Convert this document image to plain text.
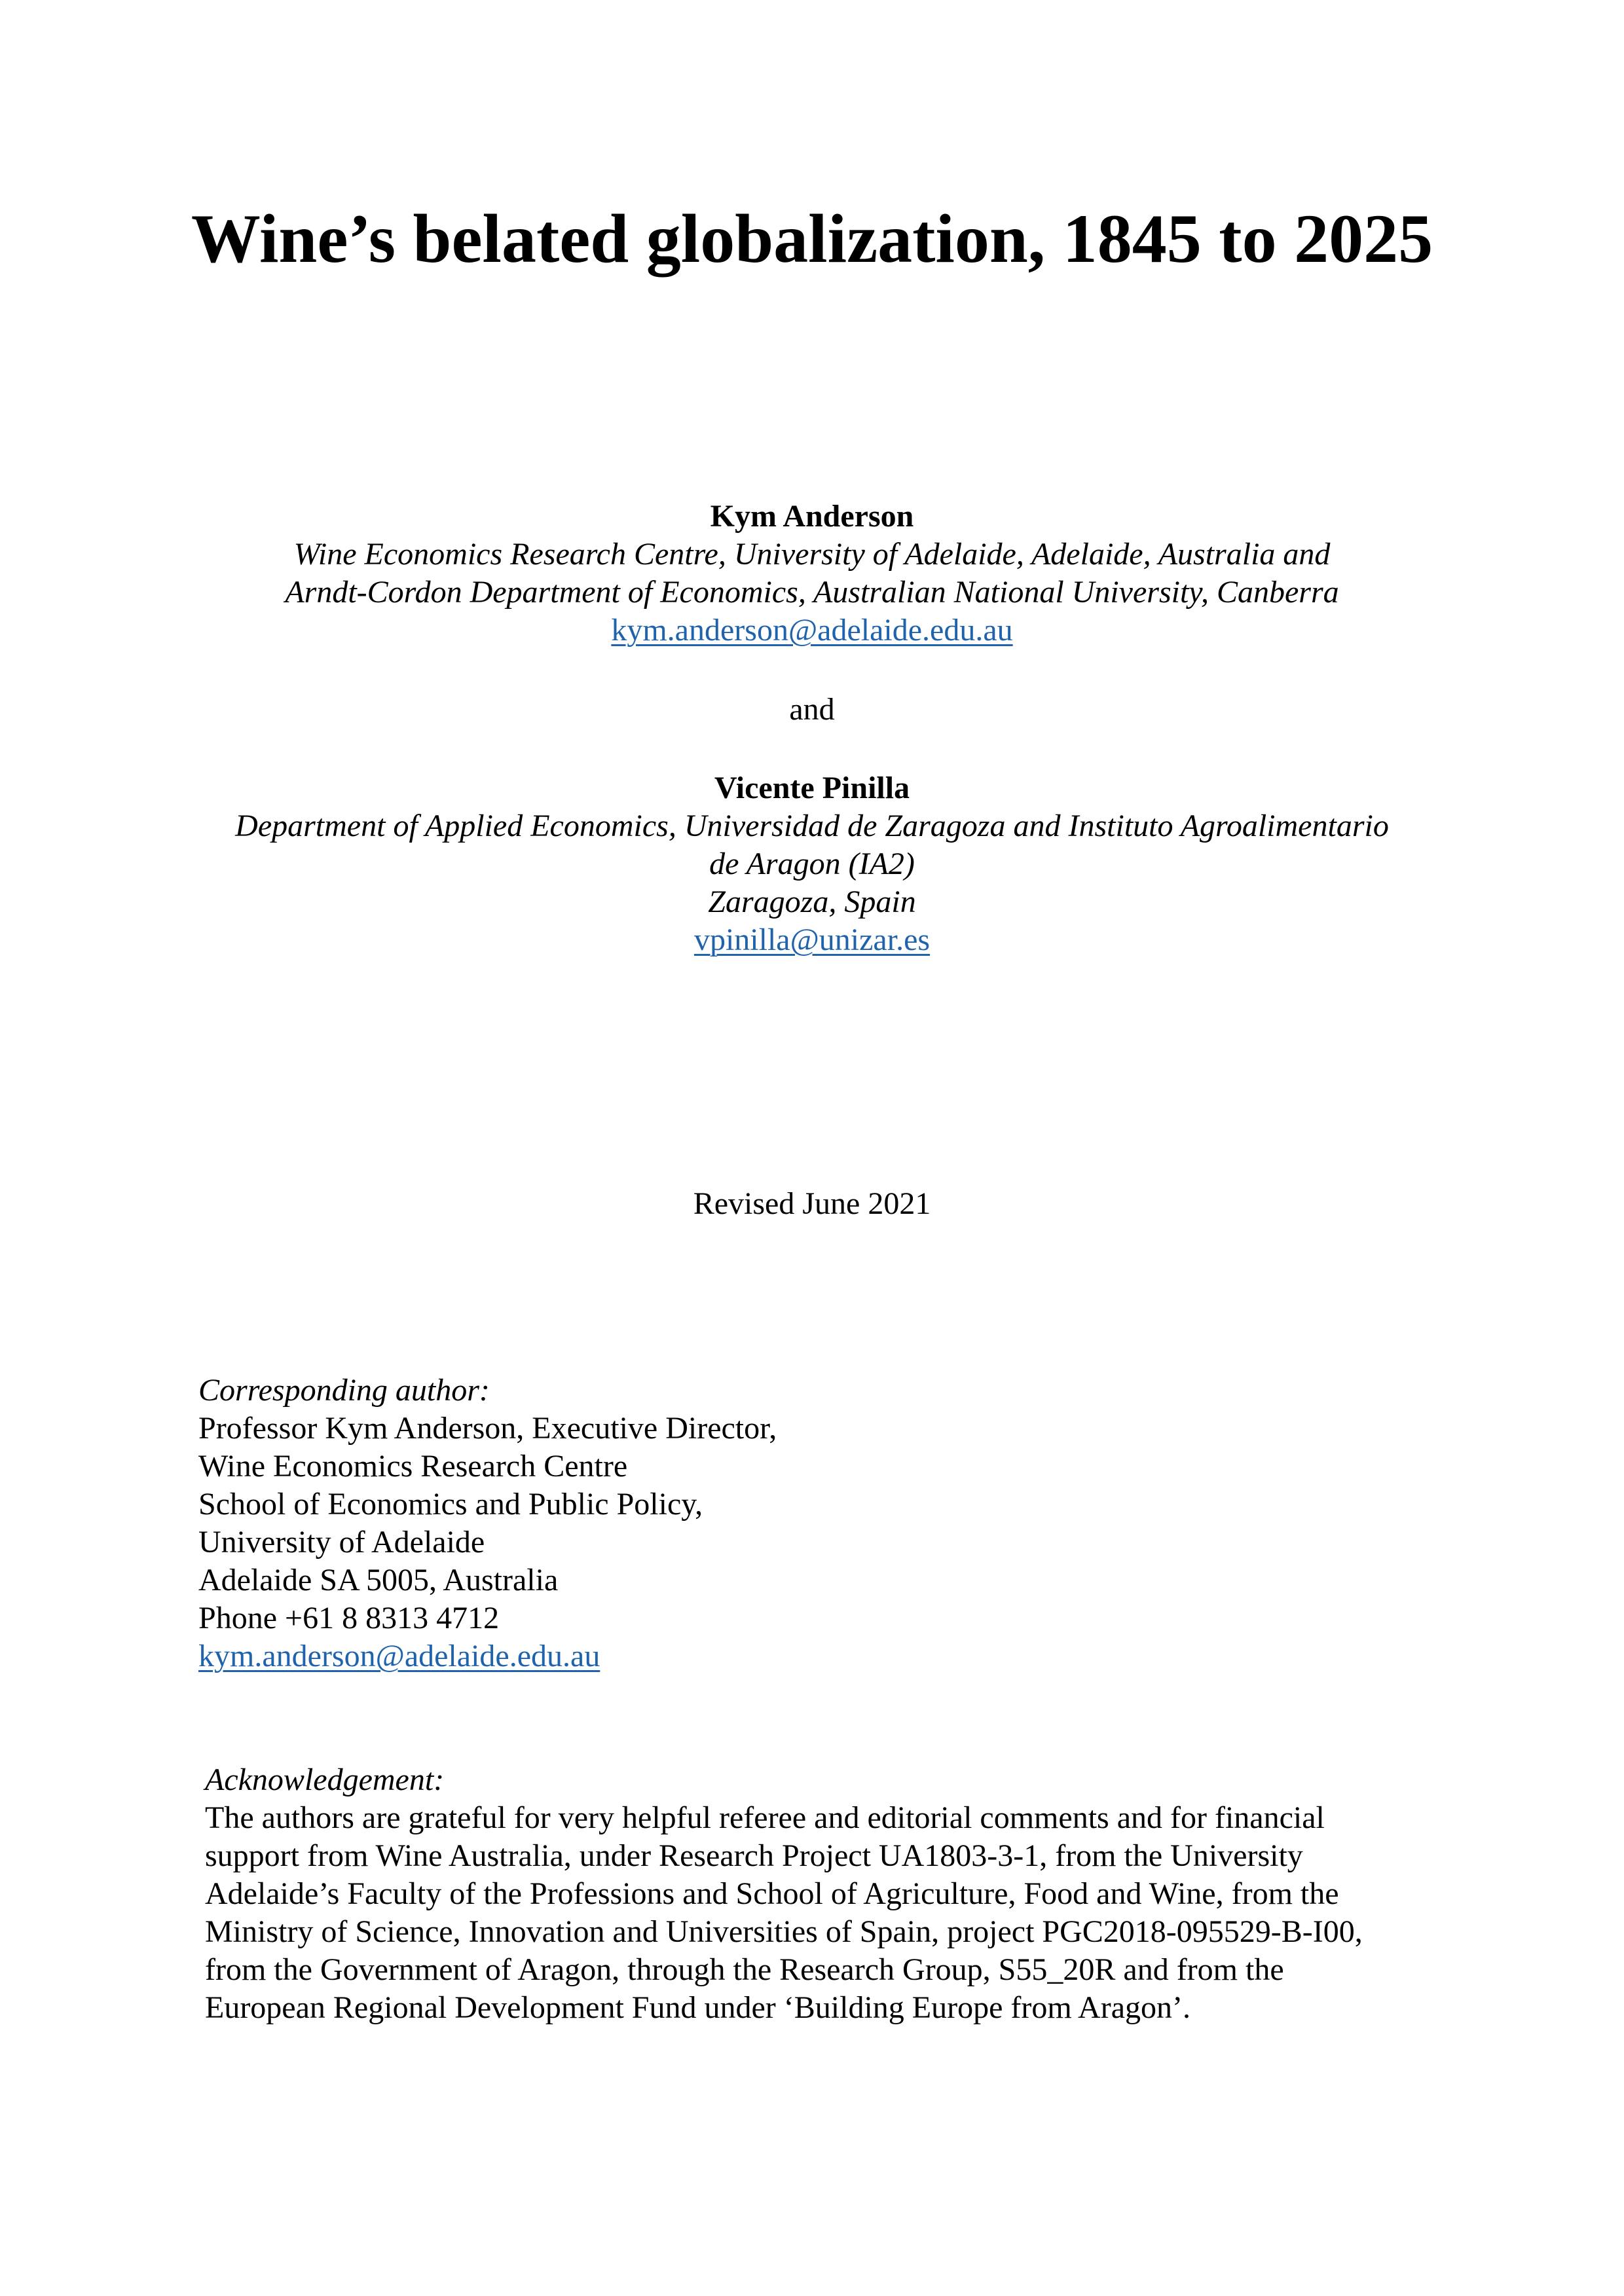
Wine’s belated globalization, 1845 to 2025
Kym Anderson
Wine Economics Research Centre, University of Adelaide, Adelaide, Australia and
Arndt-Cordon Department of Economics, Australian National University, Canberra
kym.anderson@adelaide.edu.au
and
Vicente Pinilla
Department of Applied Economics, Universidad de Zaragoza and Instituto Agroalimentario
de Aragon (IA2)
Zaragoza, Spain
vpinilla@unizar.es
Revised June 2021
Corresponding author:
Professor Kym Anderson, Executive Director,
Wine Economics Research Centre
School of Economics and Public Policy,
University of Adelaide
Adelaide SA 5005, Australia
Phone +61 8 8313 4712
kym.anderson@adelaide.edu.au
Acknowledgement:
The authors are grateful for very helpful referee and editorial comments and for financial
support from Wine Australia, under Research Project UA1803-3-1, from the University
Adelaide’s Faculty of the Professions and School of Agriculture, Food and Wine, from the
Ministry of Science, Innovation and Universities of Spain, project PGC2018-095529-B-I00,
from the Government of Aragon, through the Research Group, S55_20R and from the
European Regional Development Fund under ‘Building Europe from Aragon’.
